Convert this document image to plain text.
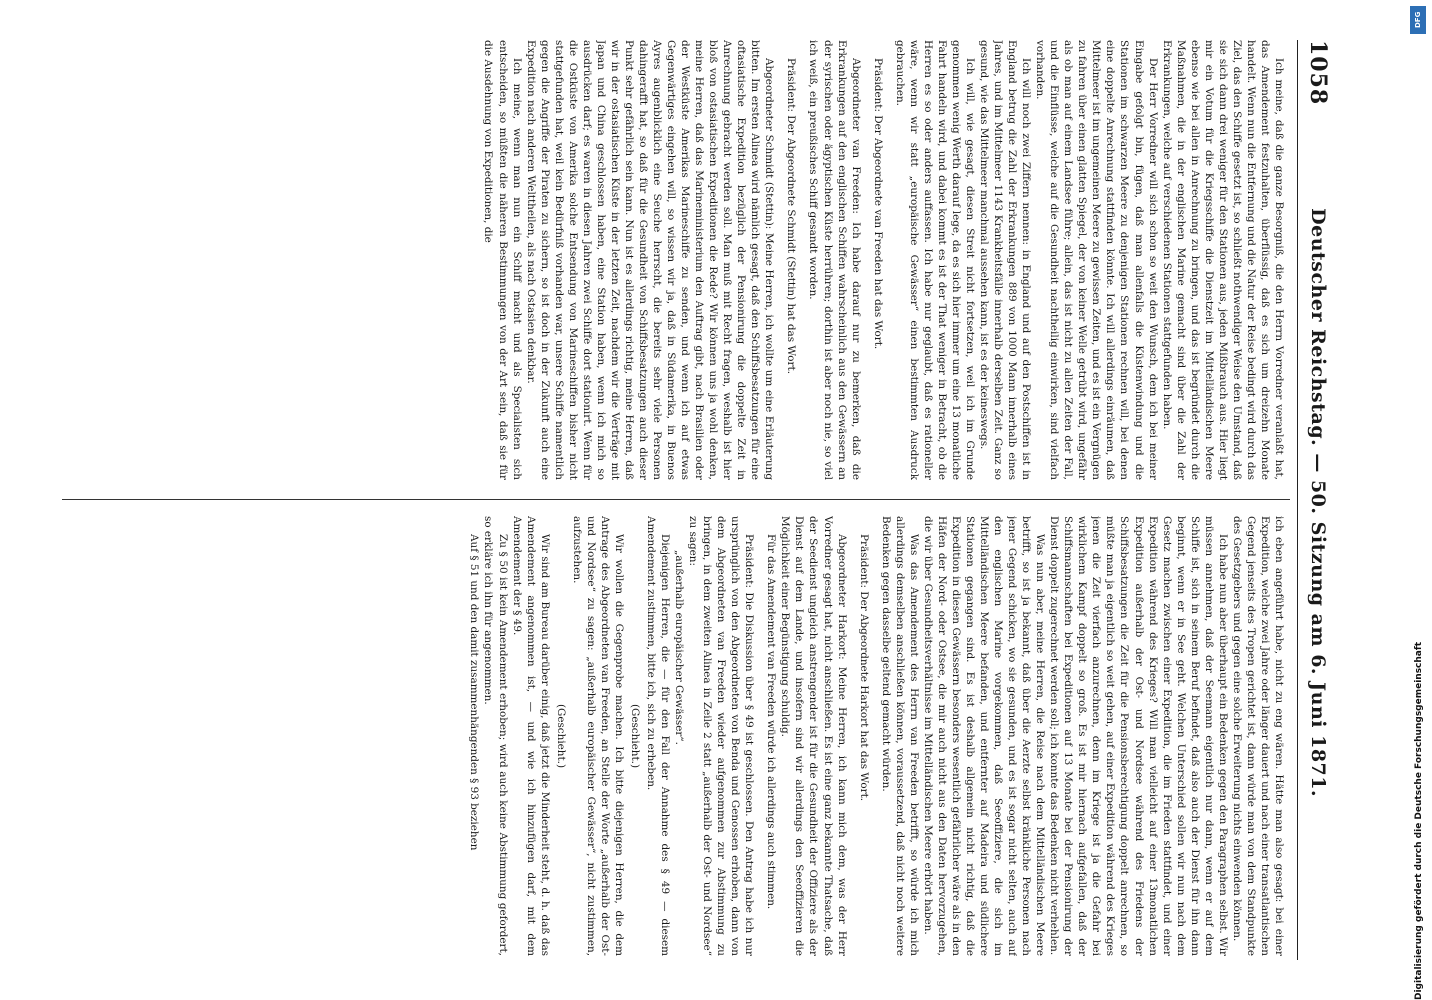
1058
Deutscher Reichstag. — 50. Sitzung am 6. Juni 1871.

Ich meine, daß die ganze Besorgniß, die den Herrn Vorredner veranlaßt hat, das Amendement festzuhalten, überflüssig, daß es sich um dreizehn Monate handelt. Wenn nun die Entfernung und die Natur der Reise bedingt wird durch das Ziel, das den Schiffe gesetzt ist, so schließt nothwendiger Weise den Umstand, daß sie sich dann drei weniger für den Stationen aus, jeden Mißbrauch aus. Hier liegt mir ein Votum für die Kriegsschiffe die Dienstzeit im Mittelländischen Meere ebenso wie bei allen in Anrechnung zu bringen, und das ist begründet durch die Maßnahmen, die in der englischen Marine gemacht sind über die Zahl der Erkrankungen, welche auf verschiedenen Stationen stattgefunden haben.

Der Herr Vorredner will sich schon so weit den Wunsch, dem ich bei meiner Eingabe gefolgt bin, fügen, daß man allenfalls die Küstenwindung und die Stationen im schwarzen Meere zu denjenigen Stationen rechnen will, bei denen eine doppelte Anrechnung stattfinden könnte. Ich will allerdings einräumen, daß Mittelmeer ist im ungemeinen Meere zu gewissen Zeiten, und es ist ein Vergnügen zu fahren über einen glatten Spiegel, der von keiner Welle getrübt wird, ungefähr als ob man auf einem Landsee führe; allein, das ist nicht zu allen Zeiten der Fall, und die Einflüsse, welche auf die Gesundheit nachtheilig einwirken, sind vielfach vorhanden.

Ich will noch zwei Ziffern nennen: in England und auf den Postschiffen ist in England betrug die Zahl der Erkrankungen 889 von 1000 Mann innerhalb eines Jahres, und im Mittelmeer 1143 Krankheitsfälle innerhalb derselben Zeit. Ganz so gesund, wie das Mittelmeer manchmal aussehen kann, ist es der keineswegs.

Ich will, wie gesagt, diesen Streit nicht fortsetzen, weil ich im Grunde genommen wenig Werth darauf lege, da es sich hier immer um eine 13 monatliche Fahrt handeln wird, und dabei kommt es ist der That weniger in Betracht, ob die Herren es so oder anders auffassen. Ich habe nur geglaubt, daß es rationeller wäre, wenn wir statt „europäische Gewässer“ einen bestimmten Ausdruck gebrauchen.

Präsident: Der Abgeordnete van Freeden hat das Wort.

Abgeordneter van Freeden: Ich habe darauf nur zu bemerken, daß die Erkrankungen auf den englischen Schiffen wahrscheinlich aus den Gewässern an der syrischen oder ägyptischen Küste herrühren; dorthin ist aber noch nie, so viel ich weiß, ein preußisches Schiff gesandt worden.

Präsident: Der Abgeordnete Schmidt (Stettin) hat das Wort.

Abgeordneter Schmidt (Stettin): Meine Herren, ich wollte um eine Erläuterung bitten. Im ersten Alinea wird nämlich gesagt, daß den Schiffsbesatzungen für eine oftasiatische Expedition bezüglich der Pensionirung die doppelte Zeit in Anrechnung gebracht werden soll. Man muß mit Recht fragen, weshalb ist hier bloß von ostasiatischen Expeditionen die Rede? Wir können uns ja wohl denken, meine Herren, daß das Marineministerium den Auftrag gibt, nach Brasilien oder der Westküste Amerikas Marineschiffe zu senden, und wenn ich auf etwas Gegenwärtiges eingehen will, so wissen wir ja, daß in Südamerika, in Buenos Ayres augenblicklich eine Seuche herrscht, die bereits sehr viele Personen dahingerafft hat, so daß für die Gesundheit von Schiffsbesatzungen auch dieser Punkt sehr gefährlich sein kann. Nun ist es allerdings richtig, meine Herren, daß wir in der ostasiatischen Küste in der letzten Zeit, nachdem wir die Verträge mit Japan und China geschlossen haben, eine Station haben, wenn ich mich so ausdrücken darf; es waren in diesen Jahren zwei Schiffe dort stationirt. Wenn für die Ostküste von Amerika solche Entsendung von Marineschiffen bisher nicht stattgefunden hat, weil kein Bedürfniß vorhanden war, unsere Schiffe namentlich gegen die Angriffe der Piraten zu sichern, so ist doch in der Zukunft auch eine Expedition nach anderen Welttheilen, als nach Ostasien denkbar.

Ich meine, wenn man nun ein Schiff macht und als Specialisten sich entscheiden, so müßten die näheren Bestimmungen von der Art sein, daß sie für die Ausdehnung von Expeditionen, die

ich eben angeführt habe, nicht zu eng wären. Hätte man also gesagt: bei einer Expedition, welche zwei Jahre oder länger dauert und nach einer transatlantischen Gegend jenseits des Tropen gerichtet ist, dann würde man von dem Standpunkte des Gesetzgebers und gegen eine solche Erweiterung nichts einwenden können.

Ich habe nun aber überhaupt ein Bedenken gegen den Paragraphen selbst. Wir müssen annehmen, daß der Seemann eigentlich nur dann, wenn er auf dem Schiffe ist, sich in seinem Beruf befindet, daß also auch der Dienst für ihn dann beginnt, wenn er in See geht. Welchen Unterschied sollen wir nun nach dem Gesetz machen zwischen einer Expedition, die im Frieden stattfindet, und einer Expedition während des Krieges? Will man vielleicht auf einer 13monatlichen Expedition außerhalb der Ost- und Nordsee während des Friedens der Schiffsbesatzungen die Zeit für die Pensionsberechtigung doppelt anrechnen, so müßte man ja eigentlich so weit gehen, auf einer Expedition während des Krieges jenen die Zeit vierfach anzurechnen, denn im Kriege ist ja die Gefahr bei wirklichem Kampf doppelt so groß. Es ist mir hiernach aufgefallen, daß der Schiffsmannschaften bei Expeditionen auf 13 Monate bei der Pensionirung der Dienst doppelt zugerechnet werden soll; ich konnte das Bedenken nicht verhehlen.

Was nun aber, meine Herren, die Reise nach dem Mittelländischen Meere betrifft, so ist ja bekannt, daß über die Aerzte selbst kränkliche Personen nach jener Gegend schicken, wo sie gesunden, und es ist sogar nicht selten, auch auf den englischen Marine vorgekommen, daß Seeoffiziere, die sich im Mittelländischen Meere befanden, und entfernter auf Madeira und südlichere Stationen gegangen sind. Es ist deshalb allgemein nicht richtig, daß die Expedition in diesen Gewässern besonders wesentlich gefährlicher wäre als in den Häfen der Nord- oder Ostsee, die mir auch nicht aus den Daten hervorzugehen, die wir über Gesundheitsverhältnisse im Mittelländischen Meere erhört haben.

Was das Amendement des Herrn van Freeden betrifft, so würde ich mich allerdings demselben anschließen können, voraussetzend, daß nicht noch weitere Bedenken gegen dasselbe geltend gemacht würden.

Präsident: Der Abgeordnete Harkort hat das Wort.

Abgeordneter Harkort: Meine Herren, ich kann mich dem, was der Herr Vorredner gesagt hat, nicht anschließen. Es ist eine ganz bekannte Thatsache, daß der Seedienst ungleich anstrengender ist für die Gesundheit der Offiziere als der Dienst auf dem Lande, und insofern sind wir allerdings den Seeoffizieren die Möglichkeit einer Begünstigung schuldig.

Für das Amendement van Freeden würde ich allerdings auch stimmen.

Präsident: Die Diskussion über § 49 ist geschlossen. Den Antrag habe ich nur ursprünglich von den Abgeordneten von Benda und Genossen erhoben, dann von dem Abgeordneten van Freeden wieder aufgenommen zur Abstimmung zu bringen, in dem zweiten Alinea in Zeile 2 statt „außerhalb der Ost- und Nordsee“ zu sagen:

„außerhalb europäischer Gewässer“.

Diejenigen Herren, die — für den Fall der Annahme des § 49 — diesem Amendement zustimmen, bitte ich, sich zu erheben.

(Geschieht.)

Wir wollen die Gegenprobe machen. Ich bitte diejenigen Herren, die dem Antrage des Abgeordneten van Freeden, an Stelle der Worte „außerhalb der Ost- und Nordsee“ zu sagen: „außerhalb europäischer Gewässer“, nicht zustimmen, aufzustehen.

(Geschieht.)

Wir sind am Bureau darüber einig, daß jetzt die Minderheit steht, d. h. daß das Amendement angenommen ist, — und wie ich hinzufügen darf, mit dem Amendement der § 49.

Zu § 50 ist kein Amendement erhoben; wird auch keine Abstimmung gefordert, so erkläre ich ihn für angenommen.

Auf § 51 und den damit zusammenhängenden § 93 beziehen

DFG
Digitalisierung gefördert durch die Deutsche Forschungsgemeinschaft
